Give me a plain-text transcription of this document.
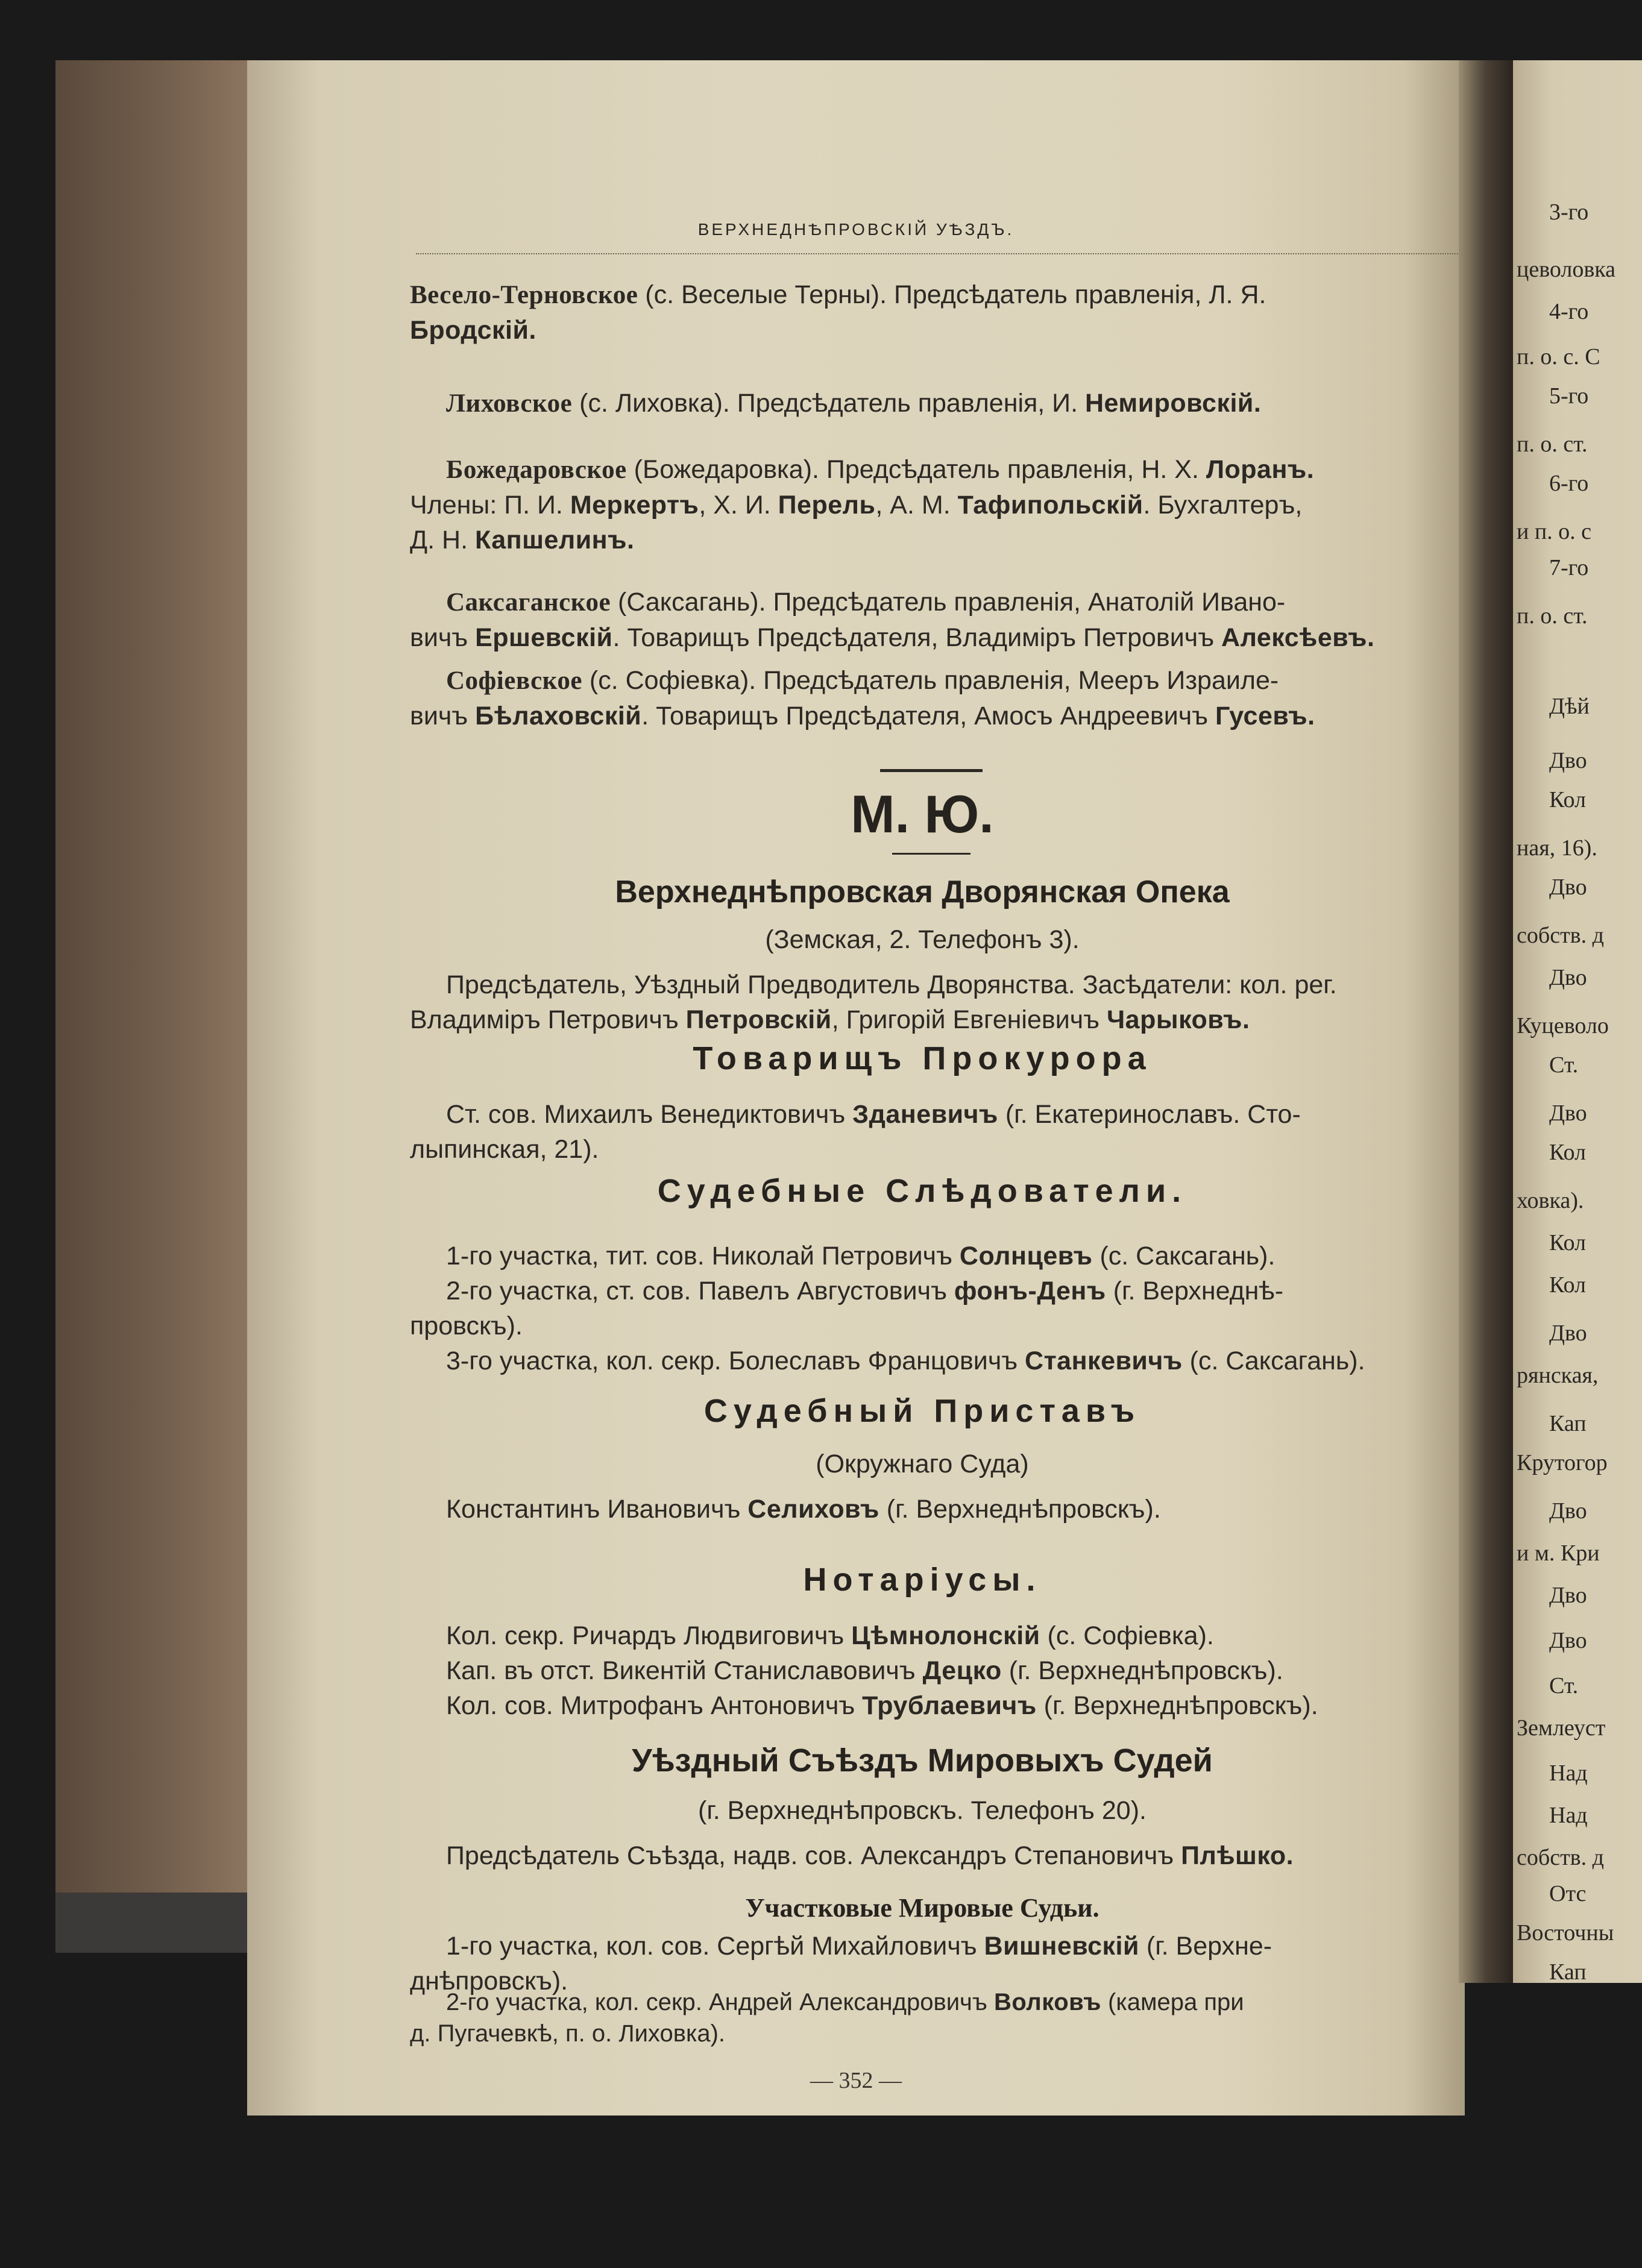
ВЕРХНЕДНѢПРОВСКІЙ УѢЗДЪ.
Весело-Терновское (с. Веселые Терны). Предсѣдатель правленія, Л. Я.
Бродскій.
Лиховское (с. Лиховка). Предсѣдатель правленія, И. Немировскій.
Божедаровское (Божедаровка). Предсѣдатель правленія, Н. Х. Лоранъ.
Члены: П. И. Меркертъ, Х. И. Перель, А. М. Тафипольскій. Бухгалтеръ,
Д. Н. Капшелинъ.
Саксаганское (Саксагань). Предсѣдатель правленія, Анатолій Ивано-
вичъ Ершевскій. Товарищъ Предсѣдателя, Владиміръ Петровичъ Алексѣевъ.
Софіевское (с. Софіевка). Предсѣдатель правленія, Мееръ Израиле-
вичъ Бѣлаховскій. Товарищъ Предсѣдателя, Амосъ Андреевичъ Гусевъ.
М. Ю.
Верхнеднѣпровская Дворянская Опека
(Земская, 2. Телефонъ 3).
Предсѣдатель, Уѣздный Предводитель Дворянства. Засѣдатели: кол. рег.
Владиміръ Петровичъ Петровскій, Григорій Евгеніевичъ Чарыковъ.
Товарищъ Прокурора
Ст. сов. Михаилъ Венедиктовичъ Зданевичъ (г. Екатеринославъ. Сто-
лыпинская, 21).
Судебные Слѣдователи.
1-го участка, тит. сов. Николай Петровичъ Солнцевъ (с. Саксагань).
2-го участка, ст. сов. Павелъ Августовичъ фонъ-Денъ (г. Верхнеднѣ-
провскъ).
3-го участка, кол. секр. Болеславъ Францовичъ Станкевичъ (с. Саксагань).
Судебный Приставъ
(Окружнаго Суда)
Константинъ Ивановичъ Селиховъ (г. Верхнеднѣпровскъ).
Нотаріусы.
Кол. секр. Ричардъ Людвиговичъ Цѣмнолонскій (с. Софіевка).
Кап. въ отст. Викентій Станиславовичъ Децко (г. Верхнеднѣпровскъ).
Кол. сов. Митрофанъ Антоновичъ Трублаевичъ (г. Верхнеднѣпровскъ).
Уѣздный Съѣздъ Мировыхъ Судей
(г. Верхнеднѣпровскъ. Телефонъ 20).
Предсѣдатель Съѣзда, надв. сов. Александръ Степановичъ Плѣшко.
Участковые Мировые Судьи.
1-го участка, кол. сов. Сергѣй Михайловичъ Вишневскій (г. Верхне-
днѣпровскъ).
3-го
цеволовка
4-го
п. о. с. С
5-го
п. о. ст.
6-го
и п. о. с
7-го
п. о. ст.
Дѣй
Дво
Кол
ная, 16).
Дво
собств. д
Дво
Куцеволо
Ст.
Дво
Кол
ховка).
Кол
Кол
Дво
рянская,
Кап
Крутогор
Дво
и м. Кри
Дво
Дво
Ст.
Землеуст
Над
Над
собств. д
Отс
Восточны
Кап
2-го участка, кол. секр. Андрей Александровичъ Волковъ (камера при
д. Пугачевкѣ, п. о. Лиховка).
— 352 —
